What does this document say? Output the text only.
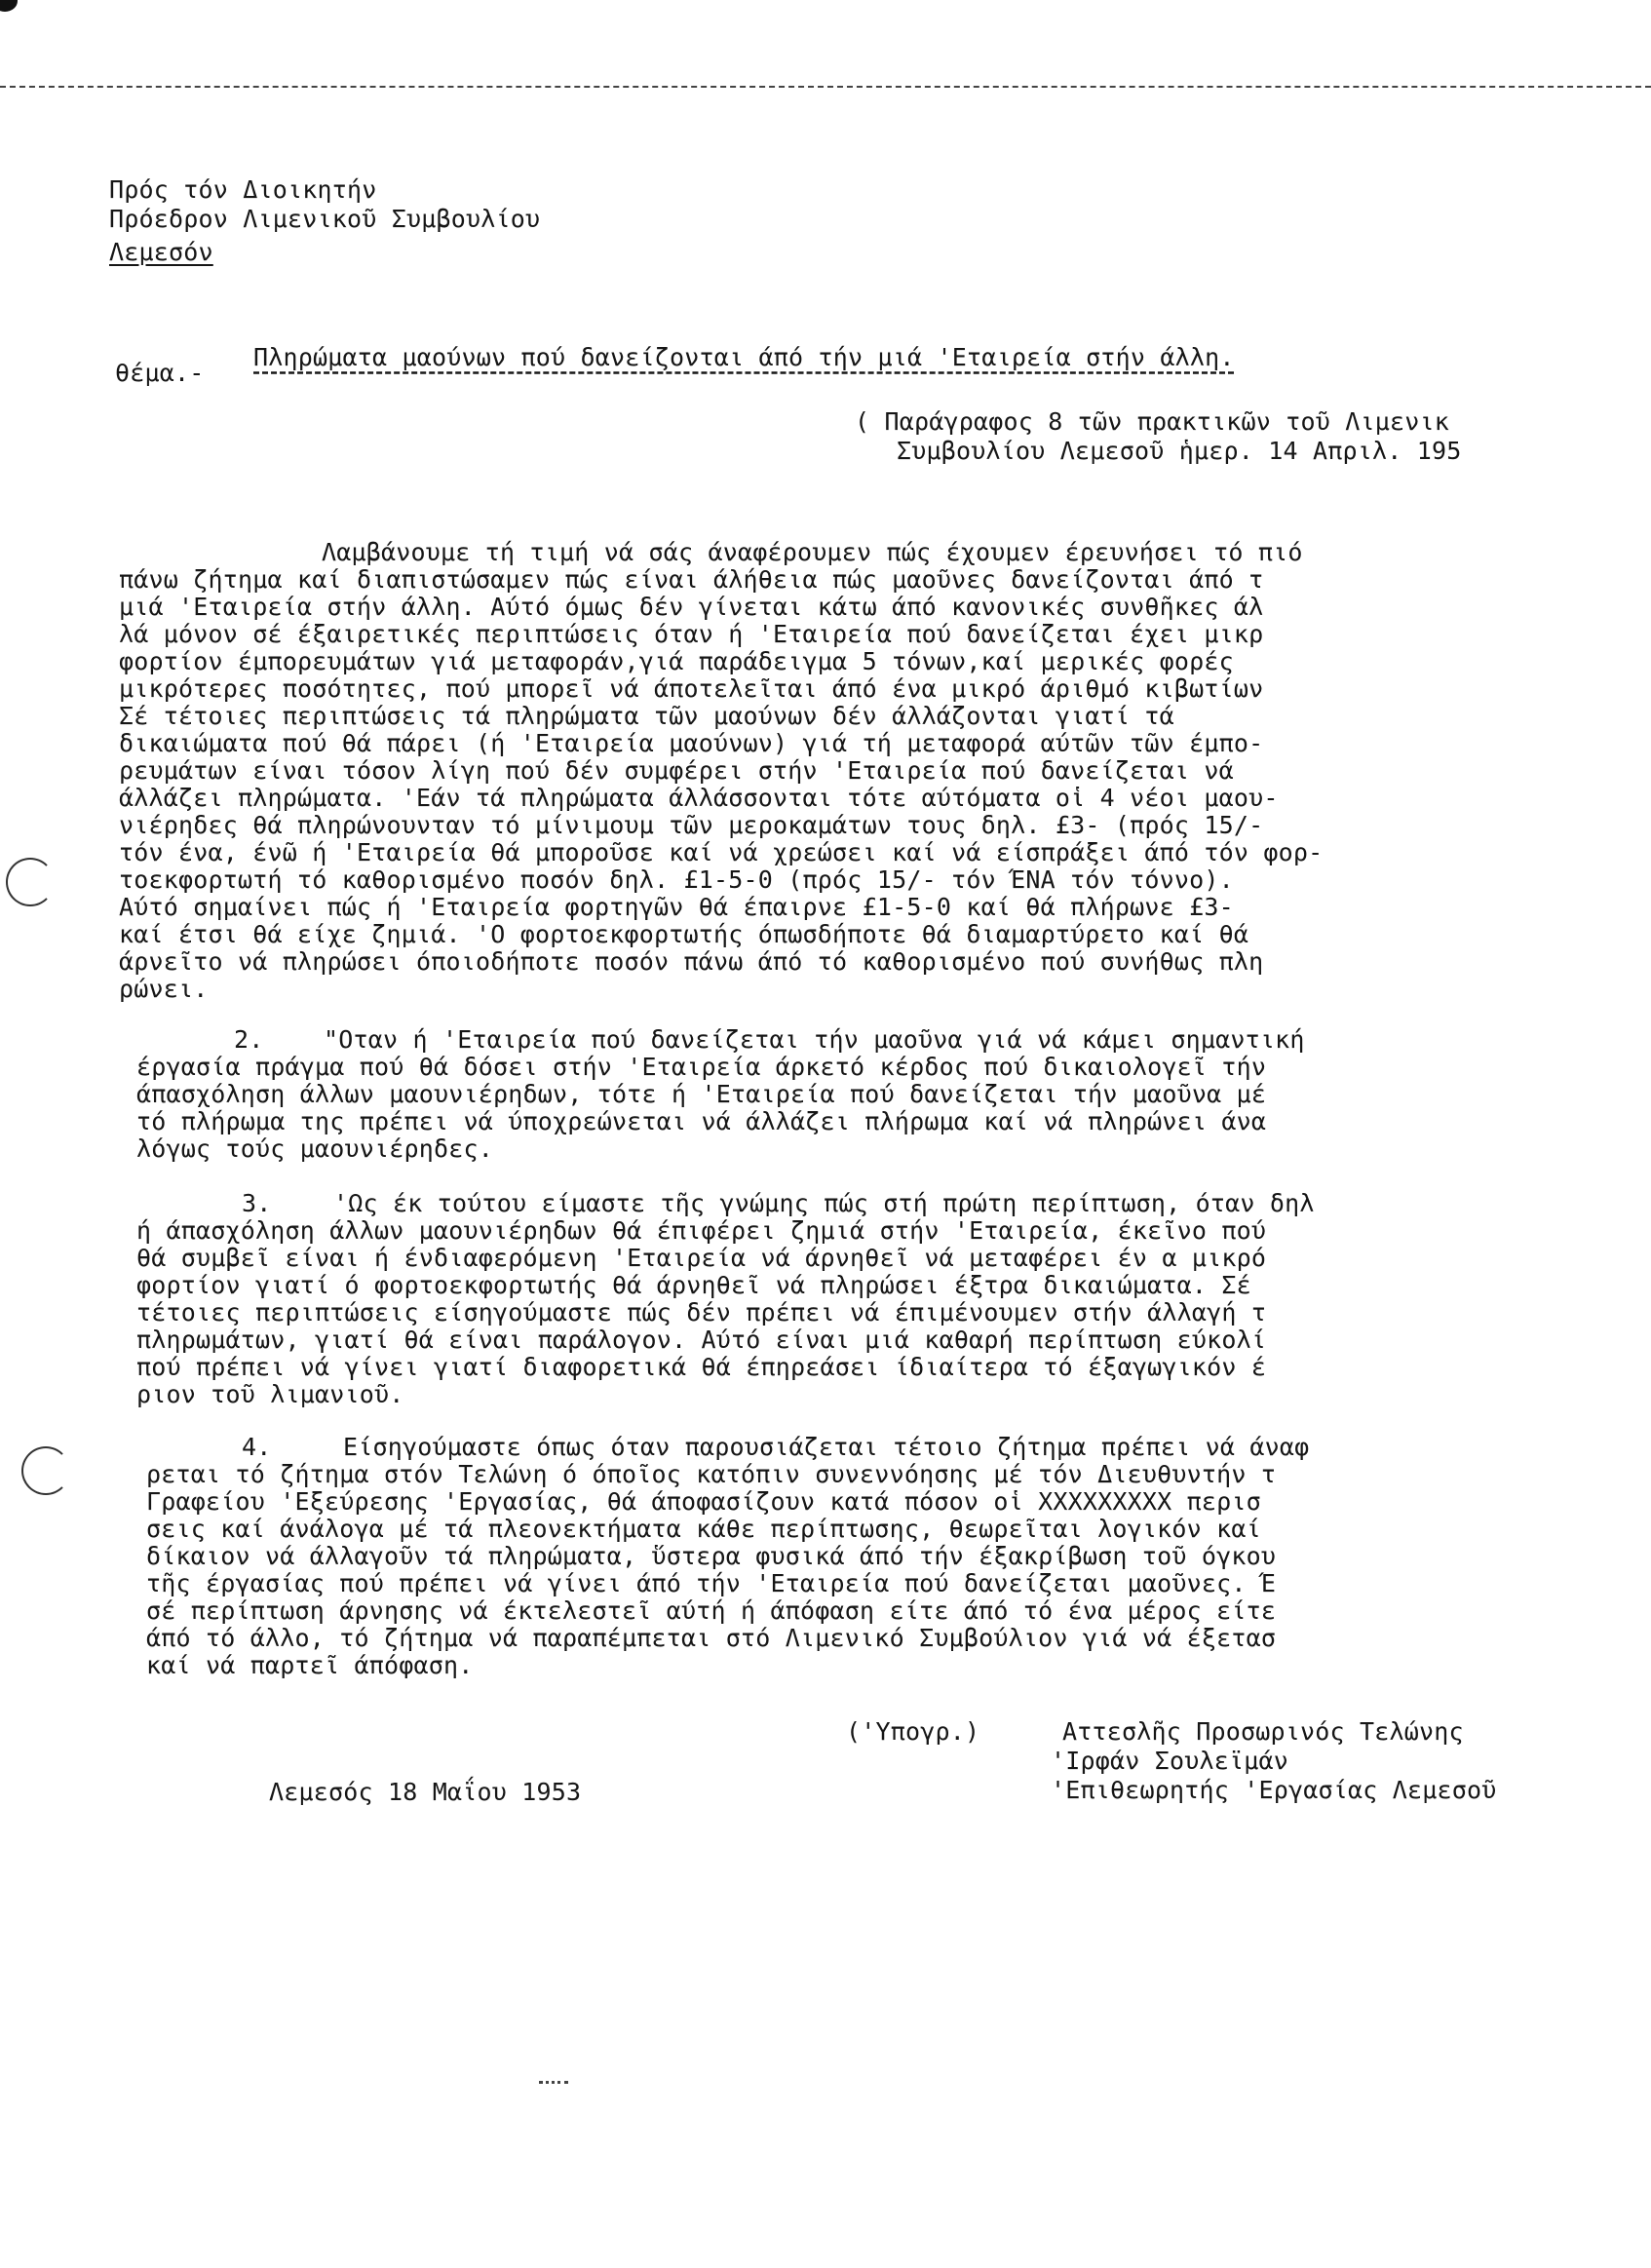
Πρός τόν Διοικητήν
Πρόεδρον Λιμενικοῦ Συμβουλίου
Λεμεσόν
θέμα.-
Πληρώματα μαούνων πού δανείζονται άπό τήν μιά 'Εταιρεία στήν άλλη.
( Παράγραφος 8 τῶν πρακτικῶν τοῦ Λιμενικ
Συμβουλίου Λεμεσοῦ ἡμερ. 14 Απριλ. 195
Λαμβάνουμε τή τιμή νά σάς άναφέρουμεν πώς έχουμεν έρευνήσει τό πιό
πάνω ζήτημα καί διαπιστώσαμεν πώς είναι άλήθεια πώς μαοῦνες δανείζονται άπό τ
μιά 'Εταιρεία στήν άλλη. Αύτό όμως δέν γίνεται κάτω άπό κανονικές συνθῆκες άλ
λά μόνον σέ έξαιρετικές περιπτώσεις όταν ή 'Εταιρεία πού δανείζεται έχει μικρ
φορτίον έμπορευμάτων γιά μεταφοράν,γιά παράδειγμα 5 τόνων,καί μερικές φορές
μικρότερες ποσότητες, πού μπορεῖ νά άποτελεῖται άπό ένα μικρό άριθμό κιβωτίων
Σέ τέτοιες περιπτώσεις τά πληρώματα τῶν μαούνων δέν άλλάζονται γιατί τά
δικαιώματα πού θά πάρει (ή 'Εταιρεία μαούνων) γιά τή μεταφορά αύτῶν τῶν έμπο-
ρευμάτων είναι τόσον λίγη πού δέν συμφέρει στήν 'Εταιρεία πού δανείζεται νά
άλλάζει πληρώματα. 'Εάν τά πληρώματα άλλάσσονται τότε αύτόματα οἱ 4 νέοι μαου-
νιέρηδες θά πληρώνουνταν τό μίνιμουμ τῶν μεροκαμάτων τους δηλ. £3- (πρός 15/-
τόν ένα, ένῶ ή 'Εταιρεία θά μποροῦσε καί νά χρεώσει καί νά είσπράξει άπό τόν φορ-
τοεκφορτωτή τό καθορισμένο ποσόν δηλ. £1-5-0 (πρός 15/- τόν ΈΝΑ τόν τόννο).
Αύτό σημαίνει πώς ή 'Εταιρεία φορτηγῶν θά έπαιρνε £1-5-0 καί θά πλήρωνε £3-
καί έτσι θά είχε ζημιά. 'Ο φορτοεκφορτωτής όπωσδήποτε θά διαμαρτύρετο καί θά
άρνεῖτο νά πληρώσει όποιοδήποτε ποσόν πάνω άπό τό καθορισμένο πού συνήθως πλη
ρώνει.
2. "Οταν ή 'Εταιρεία πού δανείζεται τήν μαοῦνα γιά νά κάμει σημαντική
έργασία πράγμα πού θά δόσει στήν 'Εταιρεία άρκετό κέρδος πού δικαιολογεῖ τήν
άπασχόληση άλλων μαουνιέρηδων, τότε ή 'Εταιρεία πού δανείζεται τήν μαοῦνα μέ
τό πλήρωμα της πρέπει νά ύποχρεώνεται νά άλλάζει πλήρωμα καί νά πληρώνει άνα
λόγως τούς μαουνιέρηδες.
3.	'Ως έκ τούτου είμαστε τῆς γνώμης πώς στή πρώτη περίπτωση, όταν δηλ
ή άπασχόληση άλλων μαουνιέρηδων θά έπιφέρει ζημιά στήν 'Εταιρεία, έκεῖνο πού
θά συμβεῖ είναι ή ένδιαφερόμενη 'Εταιρεία νά άρνηθεῖ νά μεταφέρει έν α μικρό
φορτίον γιατί ό φορτοεκφορτωτής θά άρνηθεῖ νά πληρώσει έξτρα δικαιώματα. Σέ
τέτοιες περιπτώσεις είσηγούμαστε πώς δέν πρέπει νά έπιμένουμεν στήν άλλαγή τ
πληρωμάτων, γιατί θά είναι παράλογον. Αύτό είναι μιά καθαρή περίπτωση εύκολί
πού πρέπει νά γίνει γιατί διαφορετικά θά έπηρεάσει ίδιαίτερα τό έξαγωγικόν έ
ριον τοῦ λιμανιοῦ.
4.	Είσηγούμαστε όπως όταν παρουσιάζεται τέτοιο ζήτημα πρέπει νά άναφ
ρεται τό ζήτημα στόν Τελώνη ό όποῖος κατόπιν συνεννόησης μέ τόν Διευθυντήν τ
Γραφείου 'Εξεύρεσης 'Εργασίας, θά άποφασίζουν κατά πόσον οἱ ΧΧΧΧΧΧΧΧΧ περισ
σεις καί άνάλογα μέ τά πλεονεκτήματα κάθε περίπτωσης, θεωρεῖται λογικόν καί
δίκαιον νά άλλαγοῦν τά πληρώματα, ὕστερα φυσικά άπό τήν έξακρίβωση τοῦ όγκου
τῆς έργασίας πού πρέπει νά γίνει άπό τήν 'Εταιρεία πού δανείζεται μαοῦνες. Έ
σέ περίπτωση άρνησης νά έκτελεστεῖ αύτή ή άπόφαση είτε άπό τό ένα μέρος είτε
άπό τό άλλο, τό ζήτημα νά παραπέμπεται στό Λιμενικό Συμβούλιον γιά νά έξετασ
καί νά παρτεῖ άπόφαση.
('Υπογρ.)	Αττεσλῆς Προσωρινός Τελώνης
'Ιρφάν Σουλεϊμάν
'Επιθεωρητής 'Εργασίας Λεμεσοῦ
Λεμεσός 18 Μαΐου 1953
